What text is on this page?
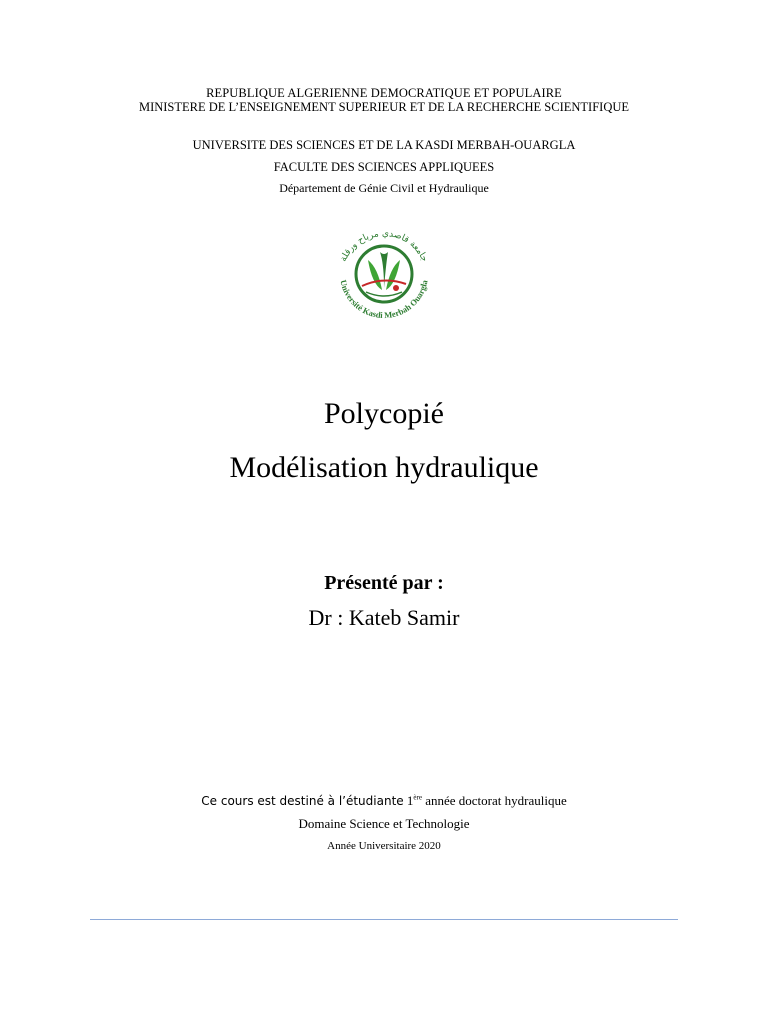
REPUBLIQUE ALGERIENNE DEMOCRATIQUE ET POPULAIRE
MINISTERE DE L’ENSEIGNEMENT SUPERIEUR ET DE LA RECHERCHE SCIENTIFIQUE
UNIVERSITE DES SCIENCES ET DE LA KASDI MERBAH-OUARGLA
FACULTE DES SCIENCES APPLIQUEES
Département de Génie Civil et Hydraulique
جامعة قاصدي مرباح ورقلة
Université Kasdi Merbah Ouargla
Polycopié
Modélisation hydraulique
Présenté par :
Dr : Kateb Samir
Ce cours est destiné à l’étudiante 1ère année doctorat hydraulique
Domaine Science et Technologie
Année Universitaire 2020
